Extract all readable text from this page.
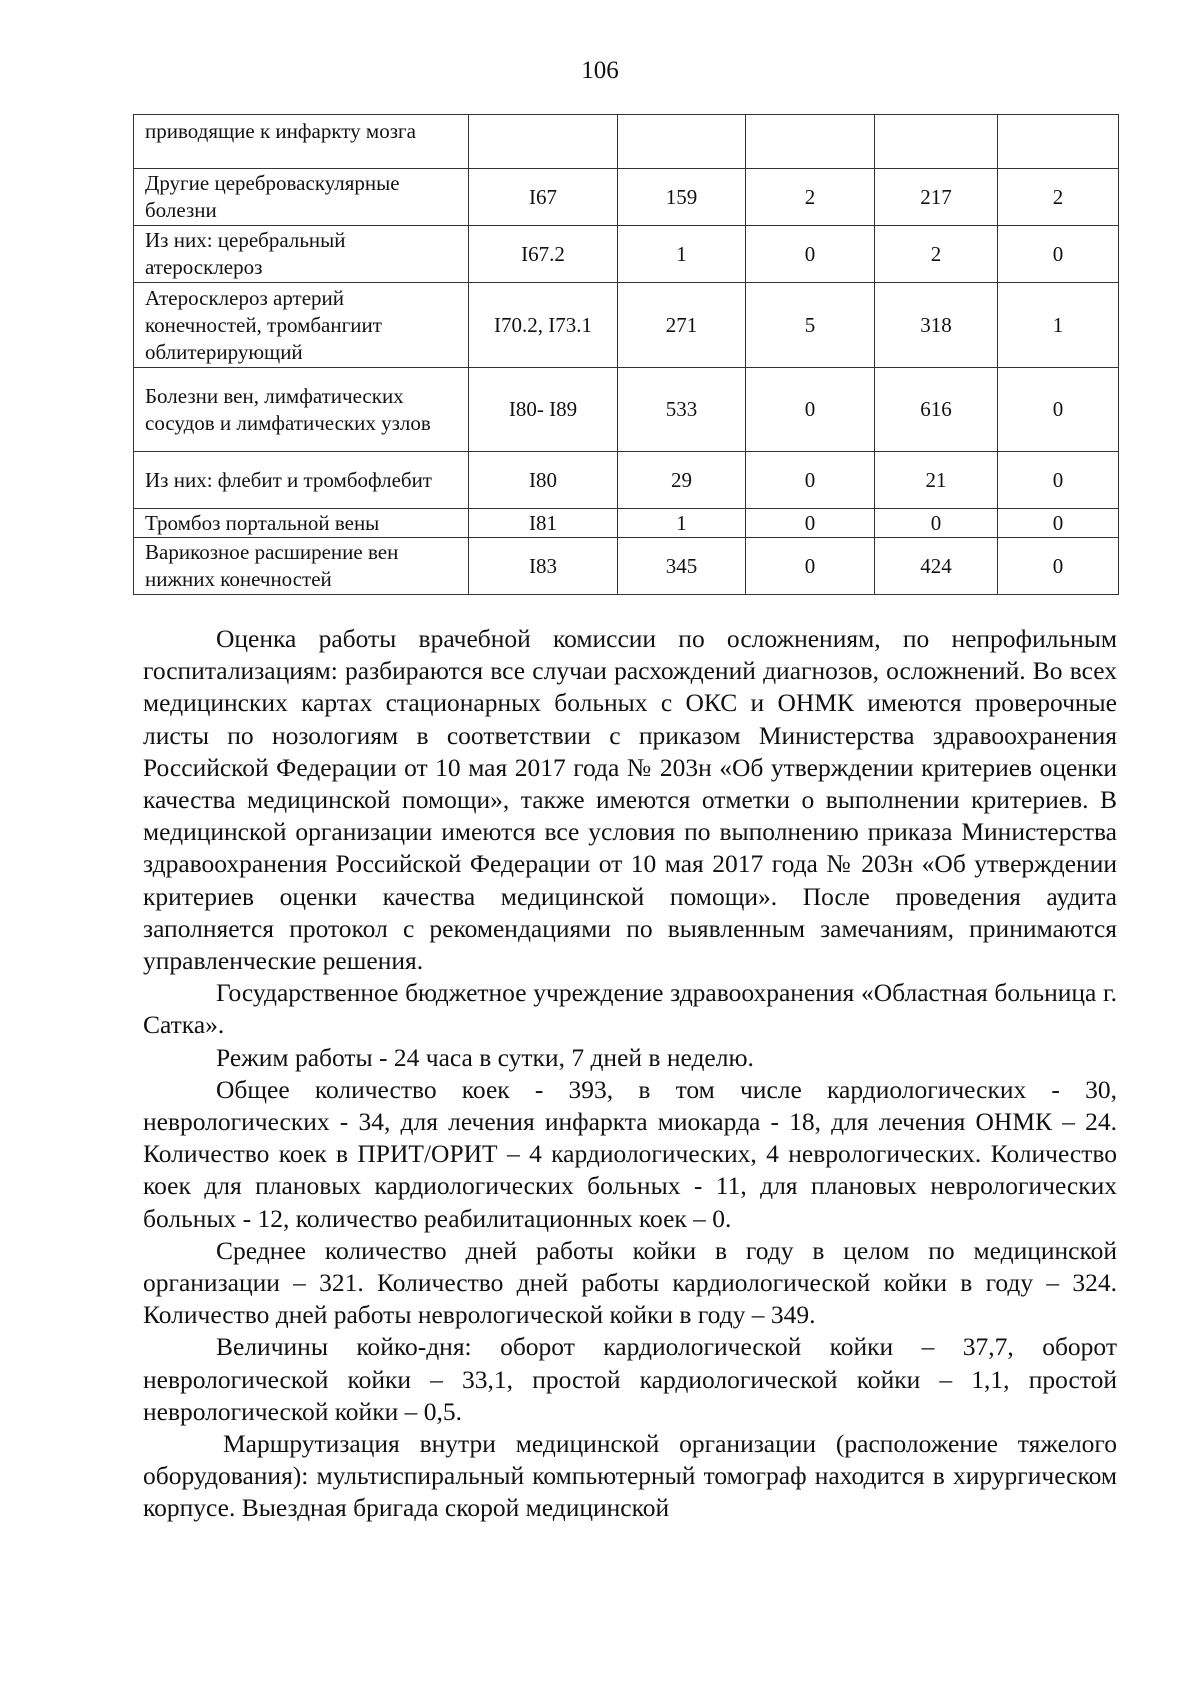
106
приводящие к инфаркту мозга					
Другие цереброваскулярные болезни	I67	159	2	217	2
Из них: церебральный атеросклероз	I67.2	1	0	2	0
Атеросклероз артерий конечностей, тромбангиит облитерирующий	I70.2, I73.1	271	5	318	1
Болезни вен, лимфатических сосудов и лимфатических узлов	I80- I89	533	0	616	0
Из них: флебит и тромбофлебит	I80	29	0	21	0
Тромбоз портальной вены	I81	1	0	0	0
Варикозное расширение вен нижних конечностей	I83	345	0	424	0

Оценка работы врачебной комиссии по осложнениям, по непрофильным госпитализациям: разбираются все случаи расхождений диагнозов, осложнений. Во всех медицинских картах стационарных больных с ОКС и ОНМК имеются проверочные листы по нозологиям в соответствии с приказом Министерства здравоохранения Российской Федерации от 10 мая 2017 года № 203н «Об утверждении критериев оценки качества медицинской помощи», также имеются отметки о выполнении критериев. В медицинской организации имеются все условия по выполнению приказа Министерства здравоохранения Российской Федерации от 10 мая 2017 года № 203н «Об утверждении критериев оценки качества медицинской помощи». После проведения аудита заполняется протокол с рекомендациями по выявленным замечаниям, принимаются управленческие решения.

Государственное бюджетное учреждение здравоохранения «Областная больница г. Сатка».

Режим работы - 24 часа в сутки, 7 дней в неделю.

Общее количество коек - 393, в том числе кардиологических - 30, неврологических - 34, для лечения инфаркта миокарда - 18, для лечения ОНМК – 24. Количество коек в ПРИТ/ОРИТ – 4 кардиологических, 4 неврологических. Количество коек для плановых кардиологических больных - 11, для плановых неврологических больных - 12, количество реабилитационных коек – 0.

Среднее количество дней работы койки в году в целом по медицинской организации – 321. Количество дней работы кардиологической койки в году – 324. Количество дней работы неврологической койки в году – 349.

Величины койко-дня: оборот кардиологической койки – 37,7, оборот неврологической койки – 33,1, простой кардиологической койки – 1,1, простой неврологической койки – 0,5.

Маршрутизация внутри медицинской организации (расположение тяжелого оборудования): мультиспиральный компьютерный томограф находится в хирургическом корпусе. Выездная бригада скорой медицинской
